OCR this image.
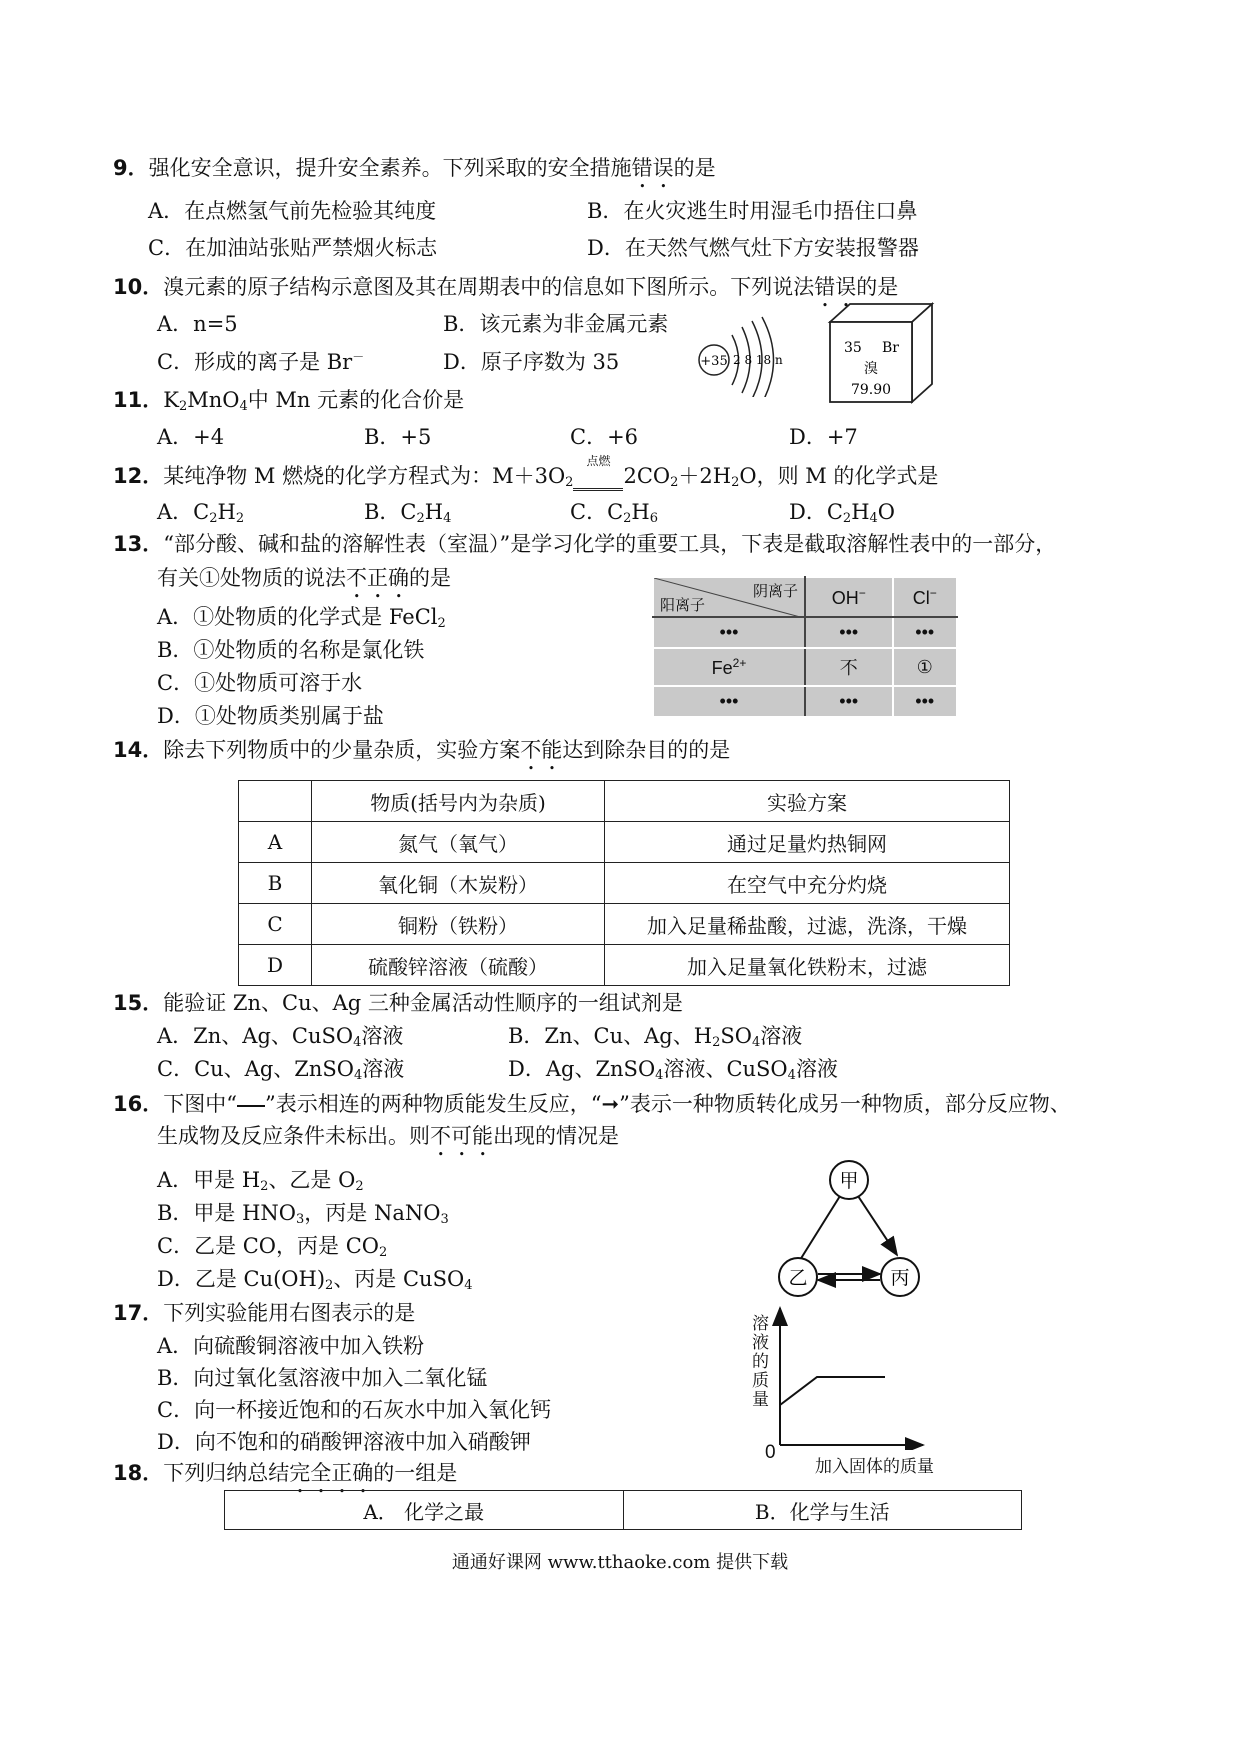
9．强化安全意识，提升安全素养。下列采取的安全措施错误的是
A．在点燃氢气前先检验其纯度	B．在火灾逃生时用湿毛巾捂住口鼻
C．在加油站张贴严禁烟火标志	D．在天然气燃气灶下方安装报警器
10．溴元素的原子结构示意图及其在周期表中的信息如下图所示。下列说法错误的是
A．n=5	B．该元素为非金属元素
C．形成的离子是 Br－	D．原子序数为 35	+35 2 8 18 n
35 Br
溴
79.90
11．$K_2MnO_4$中 Mn 元素的化合价是
A．+4	B．+5	C．+6	D．+7
12．某纯净物 M 燃烧的化学方程式为：$M+3O_2$
点燃
$2CO_2+2H_2O$，则 M 的化学式是
A．$C_2H_2$	B．$C_2H_4$	C．$C_2H_6$	D．$C_2H_4O$
13．“部分酸、碱和盐的溶解性表（室温）”是学习化学的重要工具，下表是截取溶解性表中的一部分，
有关①处物质的说法不正确的是
A．①处物质的化学式是 FeCl$_2$
B．①处物质的名称是氯化铁
C．①处物质可溶于水
D．①处物质类别属于盐
阴离子
阳离子	OH−	Cl−
•••	•••	•••
$Fe^{2+}$	不	①
•••	•••	•••
14．除去下列物质中的少量杂质，实验方案不能达到除杂目的的是
	物质(括号内为杂质)	实验方案
A	氮气（氧气）	通过足量灼热铜网
B	氧化铜（木炭粉）	在空气中充分灼烧
C	铜粉（铁粉）	加入足量稀盐酸，过滤，洗涤，干燥
D	硫酸锌溶液（硫酸）	加入足量氧化铁粉末，过滤
15．能验证 Zn、Cu、Ag 三种金属活动性顺序的一组试剂是
A．Zn、Ag、CuSO$_4$溶液	B．Zn、Cu、Ag、$H_2SO_4$溶液
C．Cu、Ag、ZnSO$_4$溶液	D．Ag、ZnSO$_4$溶液、CuSO$_4$溶液
16．下图中“ ”表示相连的两种物质能发生反应，“➞”表示一种物质转化成另一种物质，部分反应物、
生成物及反应条件未标出。则不可能出现的情况是
A．甲是 $H_2$、乙是 $O_2$
B．甲是 $HNO_3$，丙是 NaNO$_3$
C．乙是 CO，丙是 $CO_2$
D．乙是 $Cu(OH)_2$、丙是 CuSO$_4$
甲
乙	丙
17．下列实验能用右图表示的是
A．向硫酸铜溶液中加入铁粉
B．向过氧化氢溶液中加入二氧化锰
C．向一杯接近饱和的石灰水中加入氧化钙
D．向不饱和的硝酸钾溶液中加入硝酸钾
溶液的质量
0
加入固体的质量
18．下列归纳总结完全正确的一组是
A． 化学之最	B．化学与生活
通通好课网 www.tthaoke.com 提供下载
